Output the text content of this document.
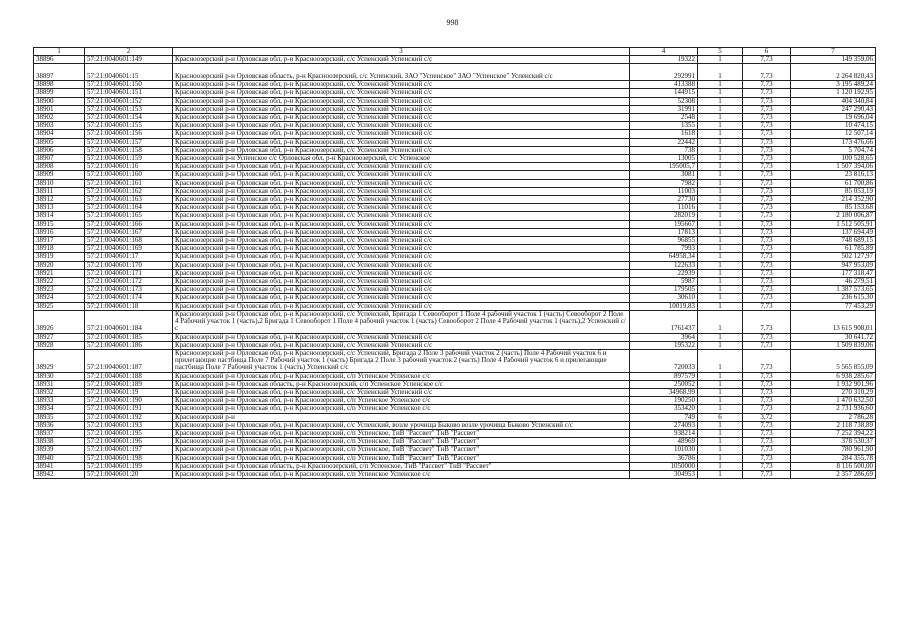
998
1	2	3	4	5	6	7
38896	57:21:0040601:149	Красноозерский р-н Орловская обл, р-н Красноозерский, с/с Успенский Успенский с/с	19322	1	7,73	149 359,06
38897	57:21:0040601:15	Красноозерский р-н Орловская область, р-н Красноозерский, с/с Успенский, ЗАО "Успенское" ЗАО "Успенское" Успенский с/с	292991	1	7,73	2 264 820,43
38898	57:21:0040601:150	Красноозерский р-н Орловская обл, р-н Красноозерский, с/с Успенский Успенский с/с	413388	1	7,73	3 195 489,24
38899	57:21:0040601:151	Красноозерский р-н Орловская обл, р-н Красноозерский, с/с Успенский Успенский с/с	144915	1	7,73	1 120 192,95
38900	57:21:0040601:152	Красноозерский р-н Орловская обл, р-н Красноозерский, с/с Успенский Успенский с/с	52308	1	7,73	404 340,84
38901	57:21:0040601:153	Красноозерский р-н Орловская обл, р-н Красноозерский, с/с Успенский Успенский с/с	31991	1	7,73	247 290,43
38902	57:21:0040601:154	Красноозерский р-н Орловская обл, р-н Красноозерский, с/с Успенский Успенский с/с	2548	1	7,73	19 696,04
38903	57:21:0040601:155	Красноозерский р-н Орловская обл, р-н Красноозерский, с/с Успенский Успенский с/с	1355	1	7,73	10 474,15
38904	57:21:0040601:156	Красноозерский р-н Орловская обл, р-н Красноозерский, с/с Успенский Успенский с/с	1618	1	7,73	12 507,14
38905	57:21:0040601:157	Красноозерский р-н Орловская обл, р-н Красноозерский, с/с Успенский Успенский с/с	22442	1	7,73	173 476,66
38906	57:21:0040601:158	Красноозерский р-н Орловская обл, р-н Красноозерский, с/с Успенский Успенский с/с	738	1	7,73	5 704,74
38907	57:21:0040601:159	Красноозерский р-н Успенское с/с Орловская обл, р-н Красноозерский, с/с Успенское	13005	1	7,73	100 528,65
38908	57:21:0040601:16	Красноозерский р-н Орловская обл, р-н Красноозерский, с/с Успенский Успенский с/с	195005,7	1	7,73	1 507 394,06
38909	57:21:0040601:160	Красноозерский р-н Орловская обл, р-н Красноозерский, с/с Успенский Успенский с/с	3081	1	7,73	23 816,13
38910	57:21:0040601:161	Красноозерский р-н Орловская обл, р-н Красноозерский, с/с Успенский Успенский с/с	7982	1	7,73	61 700,86
38911	57:21:0040601:162	Красноозерский р-н Орловская обл, р-н Красноозерский, с/с Успенский Успенский с/с	11003	1	7,73	85 053,19
38912	57:21:0040601:163	Красноозерский р-н Орловская обл, р-н Красноозерский, с/с Успенский Успенский с/с	27730	1	7,73	214 352,90
38913	57:21:0040601:164	Красноозерский р-н Орловская обл, р-н Красноозерский, с/с Успенский Успенский с/с	11016	1	7,73	85 153,68
38914	57:21:0040601:165	Красноозерский р-н Орловская обл, р-н Красноозерский, с/с Успенский Успенский с/с	282019	1	7,73	2 180 006,87
38915	57:21:0040601:166	Красноозерский р-н Орловская обл, р-н Красноозерский, с/с Успенский Успенский с/с	195667	1	7,73	1 512 505,91
38916	57:21:0040601:167	Красноозерский р-н Орловская обл, р-н Красноозерский, с/с Успенский Успенский с/с	17813	1	7,73	137 694,49
38917	57:21:0040601:168	Красноозерский р-н Орловская обл, р-н Красноозерский, с/с Успенский Успенский с/с	96855	1	7,73	748 689,15
38918	57:21:0040601:169	Красноозерский р-н Орловская обл, р-н Красноозерский, с/с Успенский Успенский с/с	7993	1	7,73	61 785,89
38919	57:21:0040601:17	Красноозерский р-н Орловская обл, р-н Красноозерский, с/с Успенский Успенский с/с	64958,34	1	7,73	502 127,97
38920	57:21:0040601:170	Красноозерский р-н Орловская обл, р-н Красноозерский, с/с Успенский Успенский с/с	122633	1	7,73	947 953,09
38921	57:21:0040601:171	Красноозерский р-н Орловская обл, р-н Красноозерский, с/с Успенский Успенский с/с	22939	1	7,73	177 318,47
38922	57:21:0040601:172	Красноозерский р-н Орловская обл, р-н Красноозерский, с/с Успенский Успенский с/с	5987	1	7,73	46 279,51
38923	57:21:0040601:173	Красноозерский р-н Орловская обл, р-н Красноозерский, с/с Успенский Успенский с/с	179505	1	7,73	1 387 573,65
38924	57:21:0040601:174	Красноозерский р-н Орловская обл, р-н Красноозерский, с/с Успенский Успенский с/с	30610	1	7,73	236 615,30
38925	57:21:0040601:18	Красноозерский р-н Орловская обл, р-н Красноозерский, с/с Успенский Успенский с/с	10019,83	1	7,73	77 453,29
38926	57:21:0040601:184	Красноозерский р-н Орловская обл, р-н Красноозерский, с/с Успенский, Бригада 1 Севооборот 1 Поле 4 рабочий участок 1 (часть) Севооборот 2 Поле 4 Рабочий участок 1 (часть),2 Бригада 1 Севооборот 1 Поле 4 рабочий участок 1 (часть) Севооборот 2 Поле 4 Рабочий участок 1 (часть),2 Успенский с/с	1761437	1	7,73	13 615 908,01
38927	57:21:0040601:185	Красноозерский р-н Орловская обл, р-н Красноозерский, с/с Успенский Успенский с/с	3964	1	7,73	30 641,72
38928	57:21:0040601:186	Красноозерский р-н Орловская обл, р-н Красноозерский, с/с Успенский Успенский с/с	195322	1	7,73	1 509 839,06
38929	57:21:0040601:187	Красноозерский р-н Орловская обл, р-н Красноозерский, с/с Успенский, Бригада 2 Поле 3 рабочий участок 2 (часть) Поле 4 Рабочий участок 6 и прилегающие пастбища Поле 7 Рабочий участок 1 (часть) Бригада 2 Поле 3 рабочий участок 2 (часть) Поле 4 Рабочий участок 6 и прилегающие пастбища Поле 7 Рабочий участок 1 (часть) Успенский с/с	720033	1	7,73	5 565 855,09
38930	57:21:0040601:188	Красноозерский р-н Орловская обл, р-н Красноозерский, с/п Успенское Успенское с/с	897579	1	7,73	6 938 285,67
38931	57:21:0040601:189	Красноозерский р-н Орловская область, р-н Красноозерский, с/п Успенское Успенское с/с	250052	1	7,73	1 932 901,96
38932	57:21:0040601:19	Красноозерский р-н Орловская обл, р-н Красноозерский, с/с Успенский Успенский с/с	34968,99	1	7,73	270 310,29
38933	57:21:0040601:190	Красноозерский р-н Орловская обл, р-н Красноозерский, с/п Успенское Успенское с/с	190250	1	7,73	1 470 632,50
38934	57:21:0040601:191	Красноозерский р-н Орловская обл, р-н Красноозерский, с/п Успенское Успенское с/с	353420	1	7,73	2 731 936,60
38935	57:21:0040601:192	Красноозерский р-н	749	6	3,72	2 786,28
38936	57:21:0040601:193	Красноозерский р-н Орловская обл, р-н Красноозерский, с/с Успенский, возле урочища Быково возле урочища Быково Успенский с/с	274093	1	7,73	2 118 738,89
38937	57:21:0040601:195	Красноозерский р-н Орловская обл, р-н Красноозерский, с/п Успенское, ТнВ "Рассвет" ТнВ "Рассвет"	938214	1	7,73	7 252 394,22
38938	57:21:0040601:196	Красноозерский р-н Орловская обл, р-н Красноозерский, с/п Успенское, ТнВ "Рассвет" ТнВ "Рассвет"	48969	1	7,73	378 530,37
38939	57:21:0040601:197	Красноозерский р-н Орловская обл, р-н Красноозерский, с/п Успенское, ТнВ "Рассвет" ТнВ "Рассвет"	101030	1	7,73	780 961,90
38940	57:21:0040601:198	Красноозерский р-н Орловская обл, р-н Красноозерский, с/п Успенское, ТнВ "Рассвет" ТнВ "Рассвет"	36786	1	7,73	284 355,78
38941	57:21:0040601:199	Красноозерский р-н Орловская область, р-н Красноозерский, с/п Успенское, ТнВ "Рассвет" ТнВ "Рассвет"	1050000	1	7,73	8 116 500,00
38942	57:21:0040601:20	Красноозерский р-н Орловская обл, р-н Красноозерский, с/п Успенское Успенское с/с	304953	1	7,73	2 357 286,69
